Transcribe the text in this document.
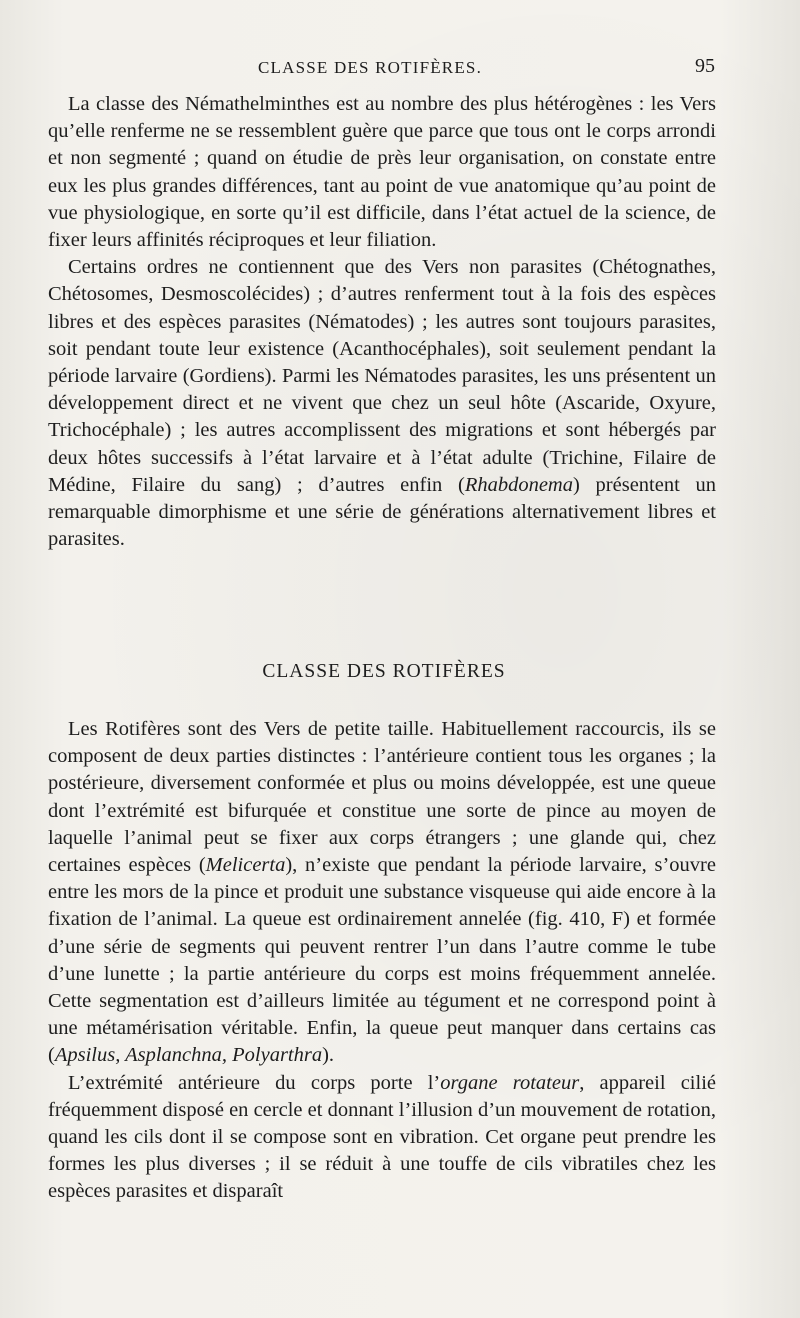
CLASSE DES ROTIFÈRES.	95

La classe des Némathelminthes est au nombre des plus hétérogènes : les Vers qu’elle renferme ne se ressemblent guère que parce que tous ont le corps arrondi et non segmenté ; quand on étudie de près leur organisation, on constate entre eux les plus grandes différences, tant au point de vue anatomique qu’au point de vue physiologique, en sorte qu’il est difficile, dans l’état actuel de la science, de fixer leurs affinités réciproques et leur filiation.

Certains ordres ne contiennent que des Vers non parasites (Chétognathes, Chétosomes, Desmoscolécides) ; d’autres renferment tout à la fois des espèces libres et des espèces parasites (Nématodes) ; les autres sont toujours parasites, soit pendant toute leur existence (Acanthocéphales), soit seulement pendant la période larvaire (Gordiens). Parmi les Nématodes parasites, les uns présentent un développement direct et ne vivent que chez un seul hôte (Ascaride, Oxyure, Trichocéphale) ; les autres accomplissent des migrations et sont hébergés par deux hôtes successifs à l’état larvaire et à l’état adulte (Trichine, Filaire de Médine, Filaire du sang) ; d’autres enfin (Rhabdonema) présentent un remarquable dimorphisme et une série de générations alternativement libres et parasites.

CLASSE DES ROTIFÈRES

Les Rotifères sont des Vers de petite taille. Habituellement raccourcis, ils se composent de deux parties distinctes : l’antérieure contient tous les organes ; la postérieure, diversement conformée et plus ou moins développée, est une queue dont l’extrémité est bifurquée et constitue une sorte de pince au moyen de laquelle l’animal peut se fixer aux corps étrangers ; une glande qui, chez certaines espèces (Melicerta), n’existe que pendant la période larvaire, s’ouvre entre les mors de la pince et produit une substance visqueuse qui aide encore à la fixation de l’animal. La queue est ordinairement annelée (fig. 410, F) et formée d’une série de segments qui peuvent rentrer l’un dans l’autre comme le tube d’une lunette ; la partie antérieure du corps est moins fréquemment annelée. Cette segmentation est d’ailleurs limitée au tégument et ne correspond point à une métamérisation véritable. Enfin, la queue peut manquer dans certains cas (Apsilus, Asplanchna, Polyarthra).

L’extrémité antérieure du corps porte l’organe rotateur, appareil cilié fréquemment disposé en cercle et donnant l’illusion d’un mouvement de rotation, quand les cils dont il se compose sont en vibration. Cet organe peut prendre les formes les plus diverses ; il se réduit à une touffe de cils vibratiles chez les espèces parasites et disparaît
